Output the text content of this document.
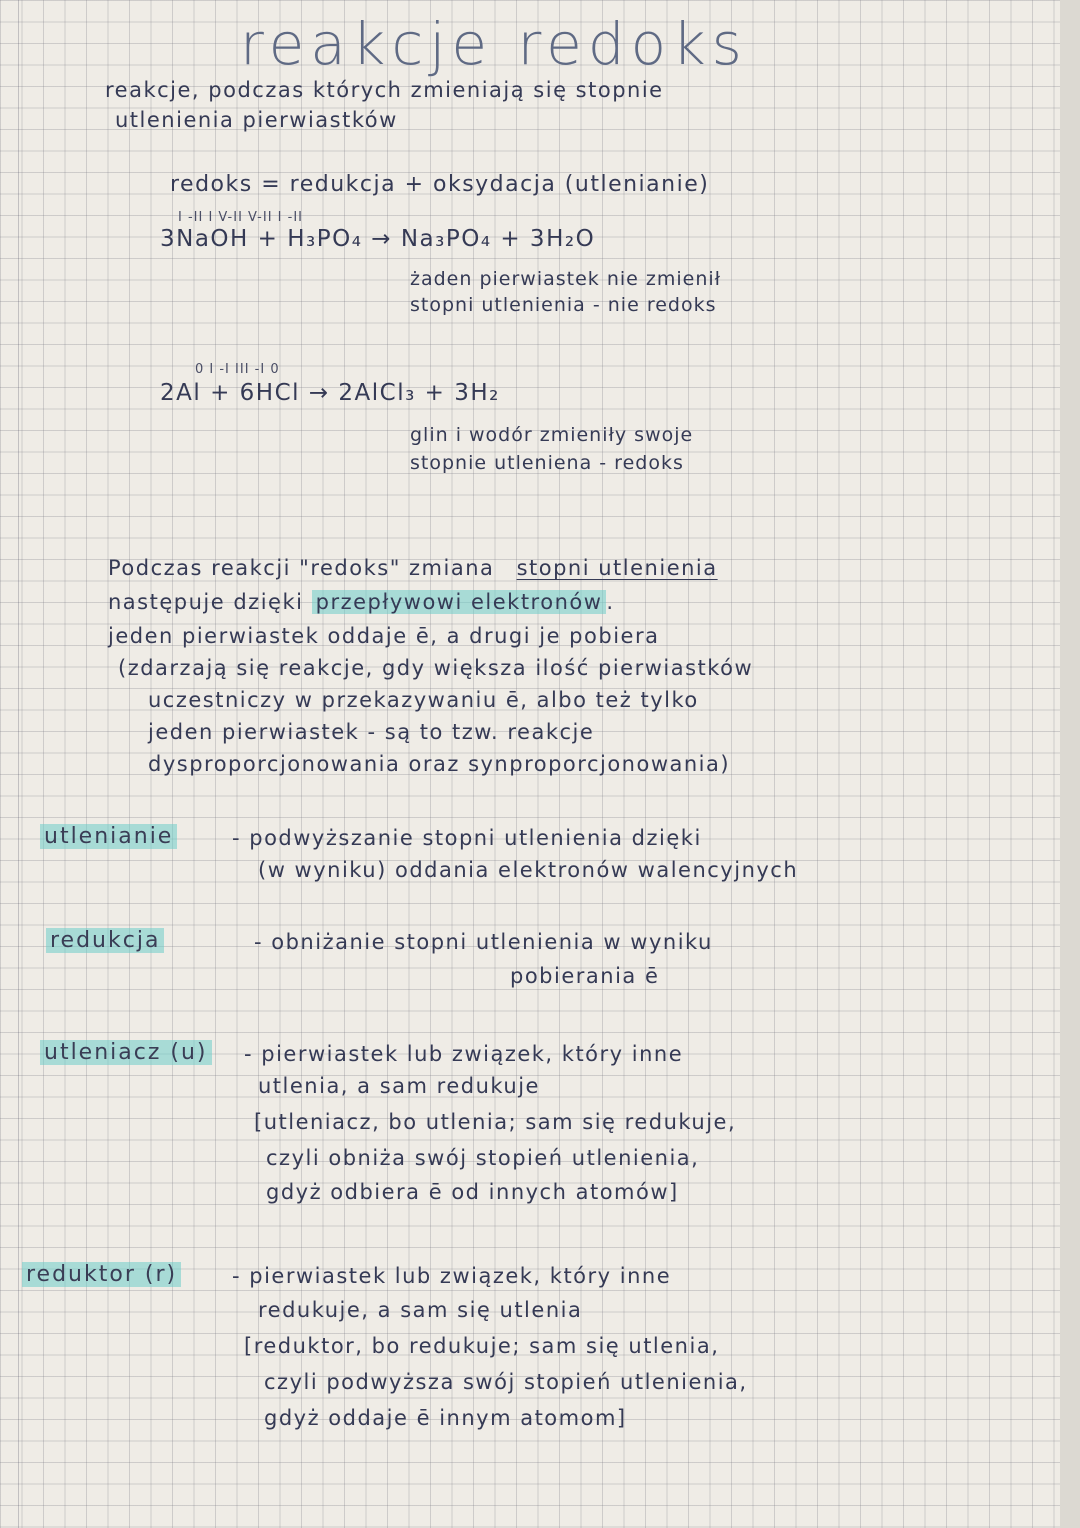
reakcje redoks
reakcje, podczas których zmieniają się stopnie
utlenienia pierwiastków
redoks = redukcja + oksydacja (utlenianie)
I -II I V-II V-II I -II
3NaOH + H₃PO₄ → Na₃PO₄ + 3H₂O
żaden pierwiastek nie zmienił
stopni utlenienia - nie redoks
0 I -I III -I 0
2Al + 6HCl → 2AlCl₃ + 3H₂
glin i wodór zmieniły swoje
stopnie utleniena - redoks
Podczas reakcji "redoks" zmiana stopni utlenienia
następuje dzięki przepływowi elektronów .
jeden pierwiastek oddaje ē, a drugi je pobiera
(zdarzają się reakcje, gdy większa ilość pierwiastków
uczestniczy w przekazywaniu ē, albo też tylko
jeden pierwiastek - są to tzw. reakcje
dysproporcjonowania oraz synproporcjonowania)
utlenianie	- podwyższanie stopni utlenienia dzięki
(w wyniku) oddania elektronów walencyjnych
redukcja	- obniżanie stopni utlenienia w wyniku
pobierania ē
utleniacz (u) - pierwiastek lub związek, który inne
utlenia, a sam redukuje
[utleniacz, bo utlenia; sam się redukuje,
czyli obniża swój stopień utlenienia,
gdyż odbiera ē od innych atomów]
reduktor (r)	- pierwiastek lub związek, który inne
redukuje, a sam się utlenia
[reduktor, bo redukuje; sam się utlenia,
czyli podwyższa swój stopień utlenienia,
gdyż oddaje ē innym atomom]
